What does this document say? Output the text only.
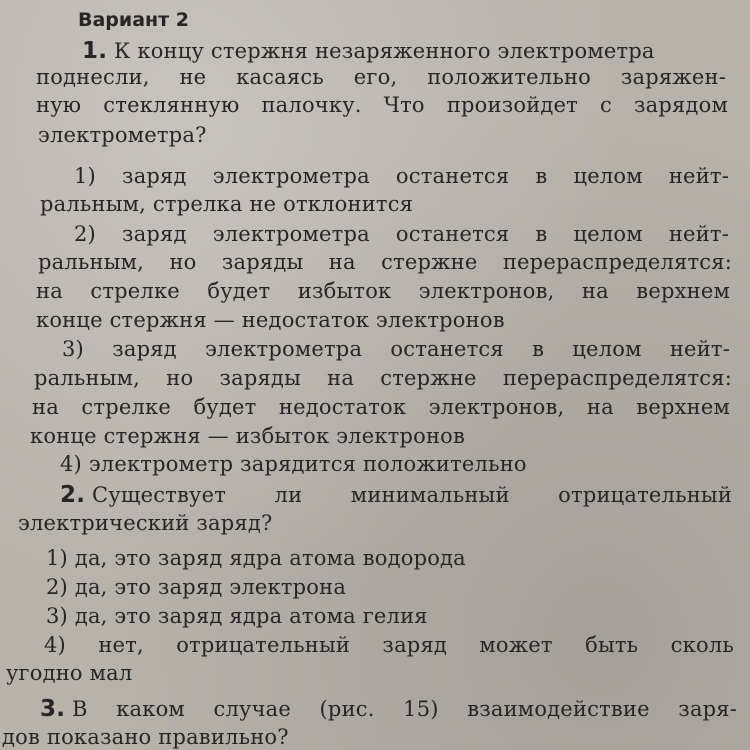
Вариант 2
1. К концу стержня незаряженного электрометра
поднесли, не касаясь его, положительно заряжен-
ную стеклянную палочку. Что произойдет с зарядом
электрометра?
1) заряд электрометра останется в целом нейт-
ральным, стрелка не отклонится
2) заряд электрометра останется в целом нейт-
ральным, но заряды на стержне перераспределятся:
на стрелке будет избыток электронов, на верхнем
конце стержня — недостаток электронов
3) заряд электрометра останется в целом нейт-
ральным, но заряды на стержне перераспределятся:
на стрелке будет недостаток электронов, на верхнем
конце стержня — избыток электронов
4) электрометр зарядится положительно
2. Существует ли минимальный отрицательный
электрический заряд?
1) да, это заряд ядра атома водорода
2) да, это заряд электрона
3) да, это заряд ядра атома гелия
4) нет, отрицательный заряд может быть сколь
угодно мал
3. В каком случае (рис. 15) взаимодействие заря-
дов показано правильно?
